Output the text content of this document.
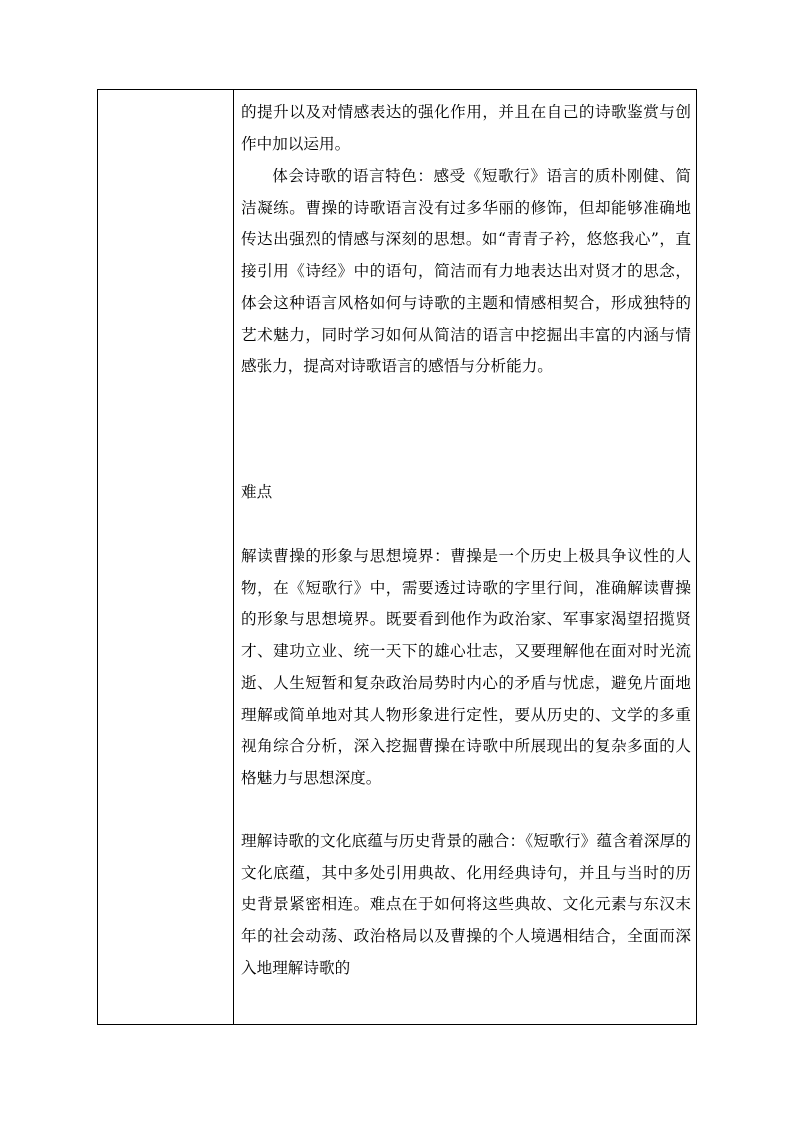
的提升以及对情感表达的强化作用，并且在自己的诗歌鉴赏与创作中加以运用。

体会诗歌的语言特色：感受《短歌行》语言的质朴刚健、简洁凝练。曹操的诗歌语言没有过多华丽的修饰，但却能够准确地传达出强烈的情感与深刻的思想。如“青青子衿，悠悠我心”，直接引用《诗经》中的语句，简洁而有力地表达出对贤才的思念，体会这种语言风格如何与诗歌的主题和情感相契合，形成独特的艺术魅力，同时学习如何从简洁的语言中挖掘出丰富的内涵与情感张力，提高对诗歌语言的感悟与分析能力。

难点

解读曹操的形象与思想境界：曹操是一个历史上极具争议性的人物，在《短歌行》中，需要透过诗歌的字里行间，准确解读曹操的形象与思想境界。既要看到他作为政治家、军事家渴望招揽贤才、建功立业、统一天下的雄心壮志，又要理解他在面对时光流逝、人生短暂和复杂政治局势时内心的矛盾与忧虑，避免片面地理解或简单地对其人物形象进行定性，要从历史的、文学的多重视角综合分析，深入挖掘曹操在诗歌中所展现出的复杂多面的人格魅力与思想深度。

理解诗歌的文化底蕴与历史背景的融合：《短歌行》蕴含着深厚的文化底蕴，其中多处引用典故、化用经典诗句，并且与当时的历史背景紧密相连。难点在于如何将这些典故、文化元素与东汉末年的社会动荡、政治格局以及曹操的个人境遇相结合，全面而深入地理解诗歌的
